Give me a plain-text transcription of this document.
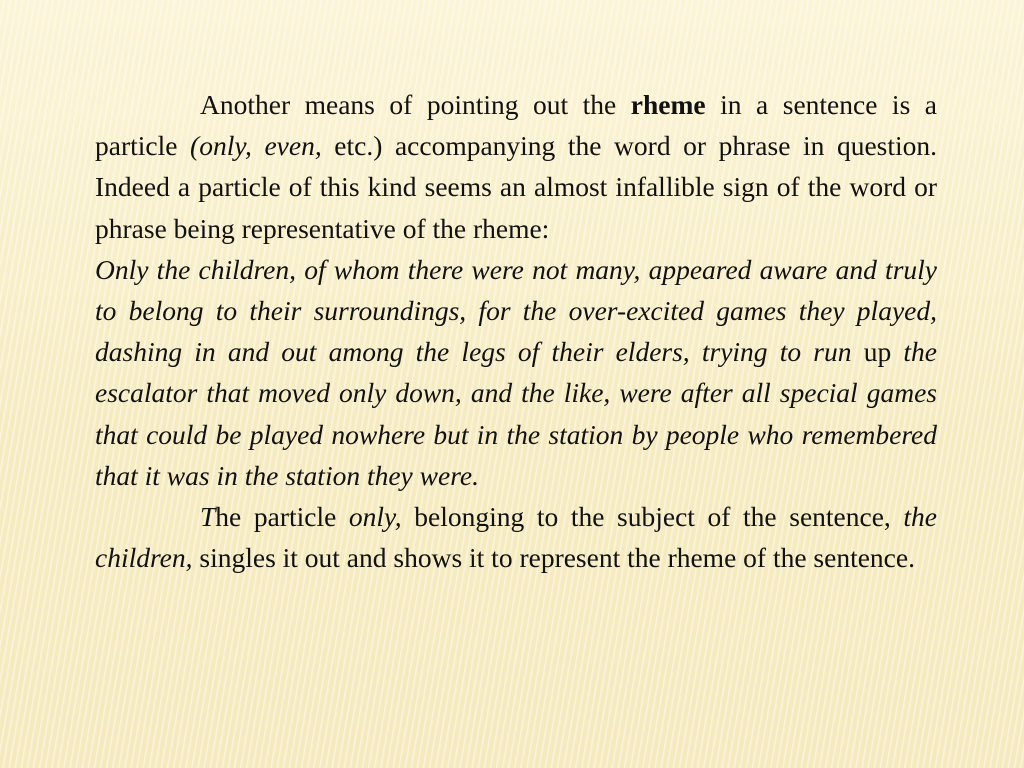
Another means of pointing out the rheme in a sentence is a particle (only, even, etc.) accompanying the word or phrase in question. Indeed a particle of this kind seems an almost infallible sign of the word or phrase being representative of the rheme:

Only the children, of whom there were not many, appeared aware and truly to belong to their surroundings, for the over-excited games they played, dashing in and out among the legs of their elders, trying to run up the escalator that moved only down, and the like, were after all special games that could be played nowhere but in the station by people who remembered that it was in the station they were.

The particle only, belonging to the subject of the sentence, the children, singles it out and shows it to represent the rheme of the sentence.
